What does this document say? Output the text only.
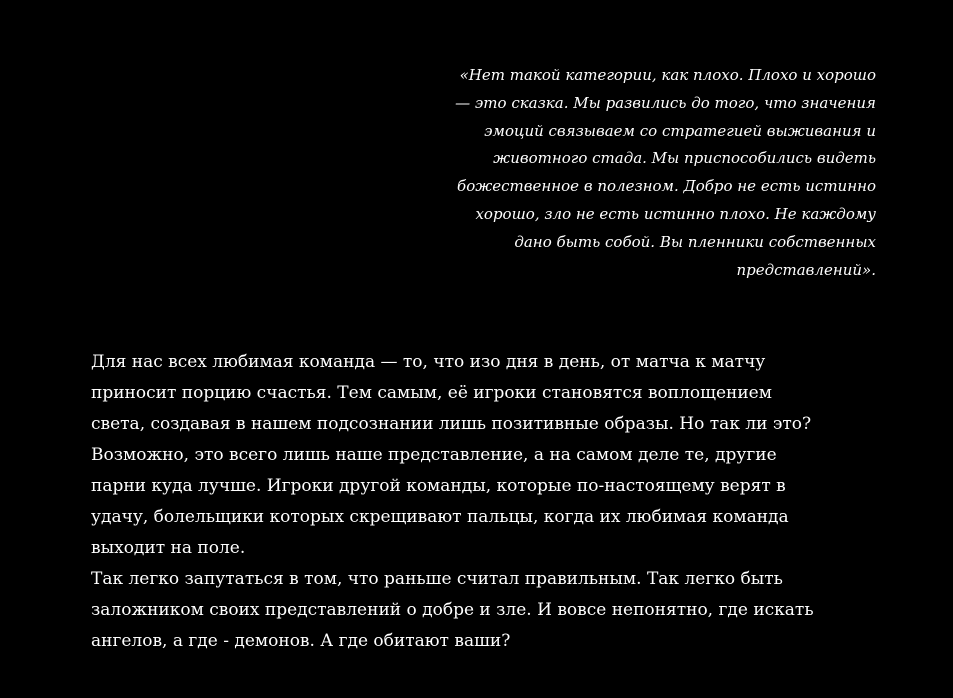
«Нет такой категории, как плохо. Плохо и хорошо
— это сказка. Мы развились до того, что значения
эмоций связываем со стратегией выживания и
животного стада. Мы приспособились видеть
божественное в полезном. Добро не есть истинно
хорошо, зло не есть истинно плохо. Не каждому
дано быть собой. Вы пленники собственных
представлений».
Для нас всех любимая команда — то, что изо дня в день, от матча к матчу
приносит порцию счастья. Тем самым, её игроки становятся воплощением
света, создавая в нашем подсознании лишь позитивные образы. Но так ли это?
Возможно, это всего лишь наше представление, а на самом деле те, другие
парни куда лучше. Игроки другой команды, которые по-настоящему верят в
удачу, болельщики которых скрещивают пальцы, когда их любимая команда
выходит на поле.
Так легко запутаться в том, что раньше считал правильным. Так легко быть
заложником своих представлений о добре и зле. И вовсе непонятно, где искать
ангелов, а где - демонов. А где обитают ваши?
